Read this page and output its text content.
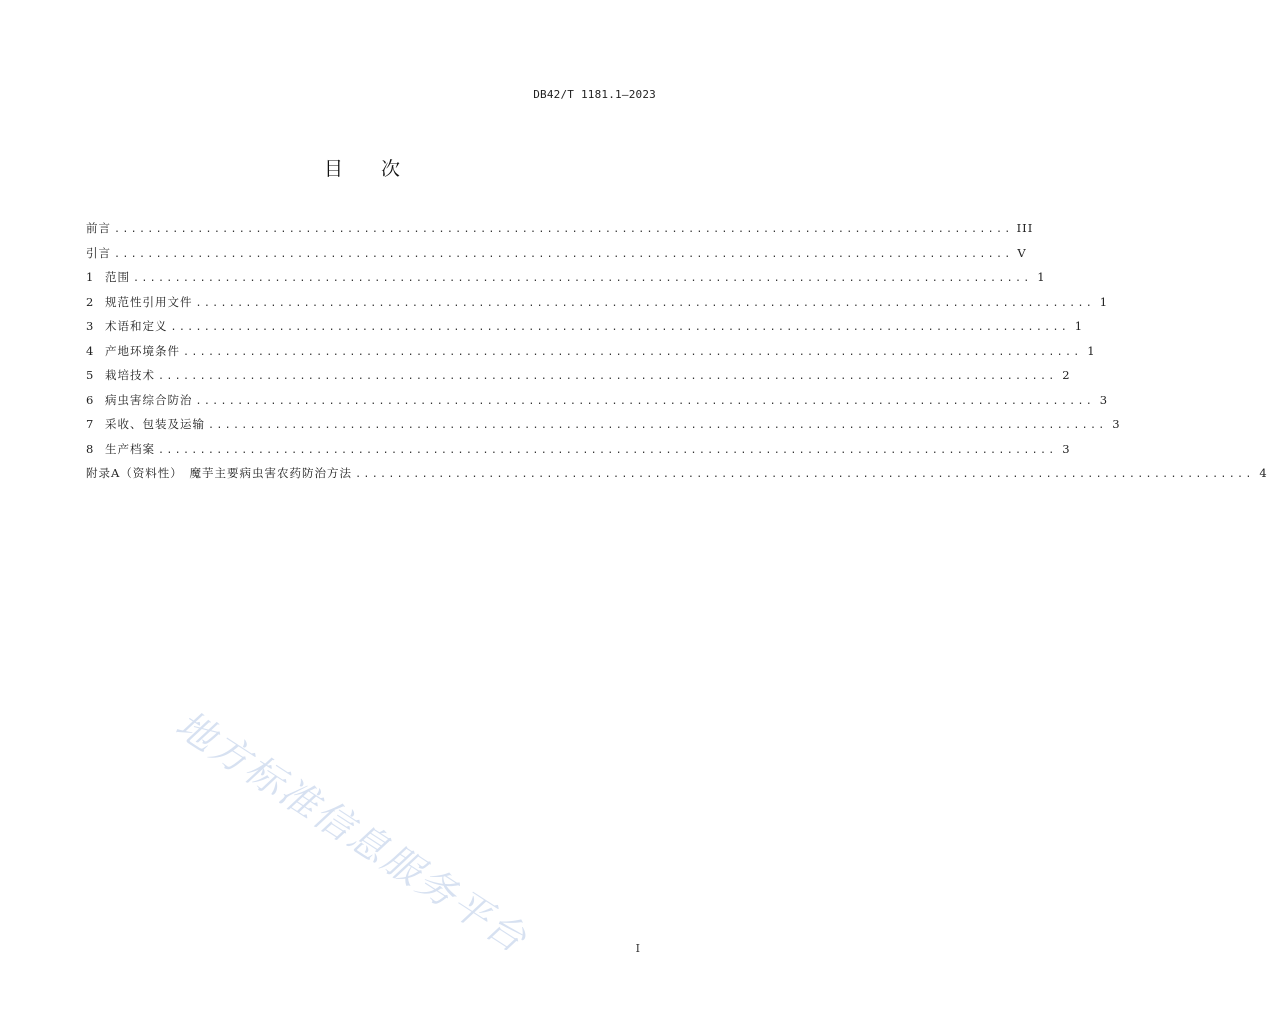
DB42/T 1181.1—2023
目 次
前言 ............................................................................................................ III
引言 ............................................................................................................ V
1	范围 ............................................................................................................ 1
2	规范性引用文件 ............................................................................................................ 1
3	术语和定义 ............................................................................................................ 1
4	产地环境条件 ............................................................................................................ 1
5	栽培技术 ............................................................................................................ 2
6	病虫害综合防治 ............................................................................................................ 3
7	采收、包装及运输 ............................................................................................................ 3
8	生产档案 ............................................................................................................ 3
附录A（资料性）　魔芋主要病虫害农药防治方法 ............................................................................................................ 4
地方标准信息服务平台	I
